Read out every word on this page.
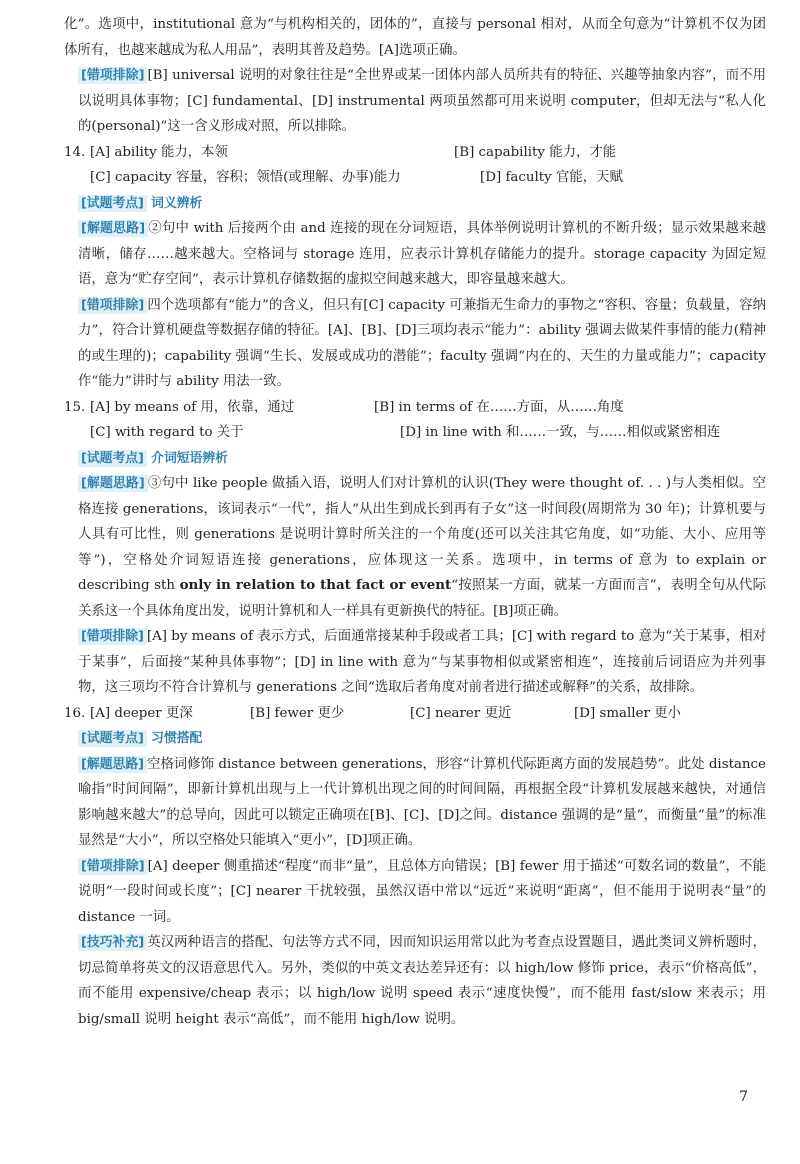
化”。选项中，institutional 意为“与机构相关的，团体的”，直接与 personal 相对，从而全句意为“计算机不仅为团体所有，也越来越成为私人用品”，表明其普及趋势。[A]选项正确。

[错项排除] [B] universal 说明的对象往往是“全世界或某一团体内部人员所共有的特征、兴趣等抽象内容”，而不用以说明具体事物；[C] fundamental、[D] instrumental 两项虽然都可用来说明 computer，但却无法与“私人化的(personal)”这一含义形成对照，所以排除。

14. [A] ability 能力，本领	[B] capability 能力，才能
[C] capacity 容量，容积；领悟(或理解、办事)能力	[D] faculty 官能，天赋

[试题考点] 词义辨析

[解题思路] ②句中 with 后接两个由 and 连接的现在分词短语，具体举例说明计算机的不断升级；显示效果越来越清晰，储存……越来越大。空格词与 storage 连用，应表示计算机存储能力的提升。storage capacity 为固定短语，意为“贮存空间”，表示计算机存储数据的虚拟空间越来越大，即容量越来越大。

[错项排除] 四个选项都有“能力”的含义，但只有[C] capacity 可兼指无生命力的事物之“容积、容量；负载量，容纳力”，符合计算机硬盘等数据存储的特征。[A]、[B]、[D]三项均表示“能力”：ability 强调去做某件事情的能力(精神的或生理的)；capability 强调“生长、发展或成功的潜能”；faculty 强调“内在的、天生的力量或能力”；capacity 作“能力”讲时与 ability 用法一致。

15. [A] by means of 用，依靠，通过	[B] in terms of 在……方面，从……角度
[C] with regard to 关于	[D] in line with 和……一致，与……相似或紧密相连

[试题考点] 介词短语辨析

[解题思路] ③句中 like people 做插入语，说明人们对计算机的认识(They were thought of. . . )与人类相似。空格连接 generations，该词表示“一代”，指人“从出生到成长到再有子女”这一时间段(周期常为 30 年)；计算机要与人具有可比性，则 generations 是说明计算时所关注的一个角度(还可以关注其它角度，如“功能、大小、应用等等”)，空格处介词短语连接 generations，应体现这一关系。选项中，in terms of 意为 to explain or describing sth only in relation to that fact or event“按照某一方面，就某一方面而言”，表明全句从代际关系这一个具体角度出发，说明计算机和人一样具有更新换代的特征。[B]项正确。

[错项排除] [A] by means of 表示方式，后面通常接某种手段或者工具；[C] with regard to 意为“关于某事，相对于某事”，后面接“某种具体事物”；[D] in line with 意为“与某事物相似或紧密相连”，连接前后词语应为并列事物，这三项均不符合计算机与 generations 之间“选取后者角度对前者进行描述或解释”的关系，故排除。

16. [A] deeper 更深	[B] fewer 更少	[C] nearer 更近	[D] smaller 更小

[试题考点] 习惯搭配

[解题思路] 空格词修饰 distance between generations，形容“计算机代际距离方面的发展趋势”。此处 distance 喻指“时间间隔”，即新计算机出现与上一代计算机出现之间的时间间隔，再根据全段“计算机发展越来越快，对通信影响越来越大”的总导向，因此可以锁定正确项在[B]、[C]、[D]之间。distance 强调的是“量”，而衡量“量”的标准显然是“大小”，所以空格处只能填入“更小”，[D]项正确。

[错项排除] [A] deeper 侧重描述“程度”而非“量”，且总体方向错误；[B] fewer 用于描述“可数名词的数量”，不能说明“一段时间或长度”；[C] nearer 干扰较强，虽然汉语中常以“远近”来说明“距离”，但不能用于说明表“量”的 distance 一词。

[技巧补充] 英汉两种语言的搭配、句法等方式不同，因而知识运用常以此为考查点设置题目，遇此类词义辨析题时，切忌简单将英文的汉语意思代入。另外，类似的中英文表达差异还有：以 high/low 修饰 price，表示“价格高低”，而不能用 expensive/cheap 表示；以 high/low 说明 speed 表示“速度快慢”，而不能用 fast/slow 来表示；用 big/small 说明 height 表示“高低”，而不能用 high/low 说明。

7
